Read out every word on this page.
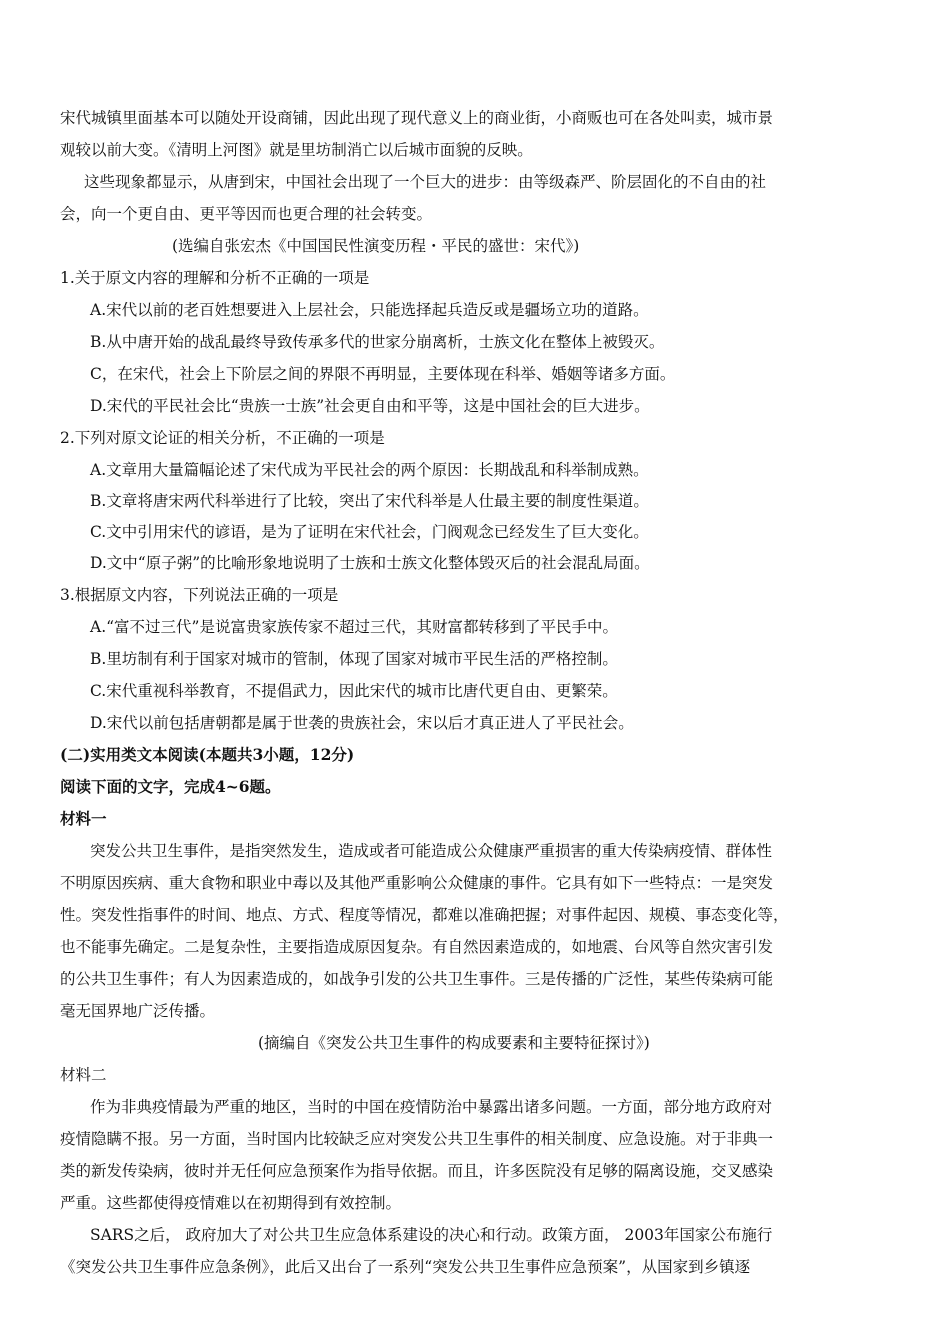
宋代城镇里面基本可以随处开设商铺，因此出现了现代意义上的商业街，小商贩也可在各处叫卖，城市景
观较以前大变。《清明上河图》就是里坊制消亡以后城市面貌的反映。
这些现象都显示，从唐到宋，中国社会出现了一个巨大的进步：由等级森严、阶层固化的不自由的社
会，向一个更自由、更平等因而也更合理的社会转变。
(选编自张宏杰《中国国民性演变历程・平民的盛世：宋代》)
1.关于原文内容的理解和分析不正确的一项是
A.宋代以前的老百姓想要进入上层社会，只能选择起兵造反或是疆场立功的道路。
B.从中唐开始的战乱最终导致传承多代的世家分崩离析，士族文化在整体上被毁灭。
C，在宋代，社会上下阶层之间的界限不再明显，主要体现在科举、婚姻等诸多方面。
D.宋代的平民社会比“贵族一士族”社会更自由和平等，这是中国社会的巨大进步。
2.下列对原文论证的相关分析，不正确的一项是
A.文章用大量篇幅论述了宋代成为平民社会的两个原因：长期战乱和科举制成熟。
B.文章将唐宋两代科举进行了比较，突出了宋代科举是人仕最主要的制度性渠道。
C.文中引用宋代的谚语，是为了证明在宋代社会，门阀观念已经发生了巨大变化。
D.文中“原子粥”的比喻形象地说明了士族和士族文化整体毁灭后的社会混乱局面。
3.根据原文内容，下列说法正确的一项是
A.“富不过三代”是说富贵家族传家不超过三代，其财富都转移到了平民手中。
B.里坊制有利于国家对城市的管制，体现了国家对城市平民生活的严格控制。
C.宋代重视科举教育，不提倡武力，因此宋代的城市比唐代更自由、更繁荣。
D.宋代以前包括唐朝都是属于世袭的贵族社会，宋以后才真正进人了平民社会。
(二)实用类文本阅读(本题共3小题，12分)
阅读下面的文字，完成4~6题。
材料一
突发公共卫生事件，是指突然发生，造成或者可能造成公众健康严重损害的重大传染病疫情、群体性
不明原因疾病、重大食物和职业中毒以及其他严重影响公众健康的事件。它具有如下一些特点：一是突发
性。突发性指事件的时间、地点、方式、程度等情况，都难以准确把握；对事件起因、规模、事态变化等，
也不能事先确定。二是复杂性，主要指造成原因复杂。有自然因素造成的，如地震、台风等自然灾害引发
的公共卫生事件；有人为因素造成的，如战争引发的公共卫生事件。三是传播的广泛性，某些传染病可能
毫无国界地广泛传播。
(摘编自《突发公共卫生事件的构成要素和主要特征探讨》)
材料二
作为非典疫情最为严重的地区，当时的中国在疫情防治中暴露出诸多问题。一方面，部分地方政府对
疫情隐瞒不报。另一方面，当时国内比较缺乏应对突发公共卫生事件的相关制度、应急设施。对于非典一
类的新发传染病，彼时并无任何应急预案作为指导依据。而且，许多医院没有足够的隔离设施，交叉感染
严重。这些都使得疫情难以在初期得到有效控制。
SARS之后， 政府加大了对公共卫生应急体系建设的决心和行动。政策方面， 2003年国家公布施行
《突发公共卫生事件应急条例》，此后又出台了一系列“突发公共卫生事件应急预案”，从国家到乡镇逐
